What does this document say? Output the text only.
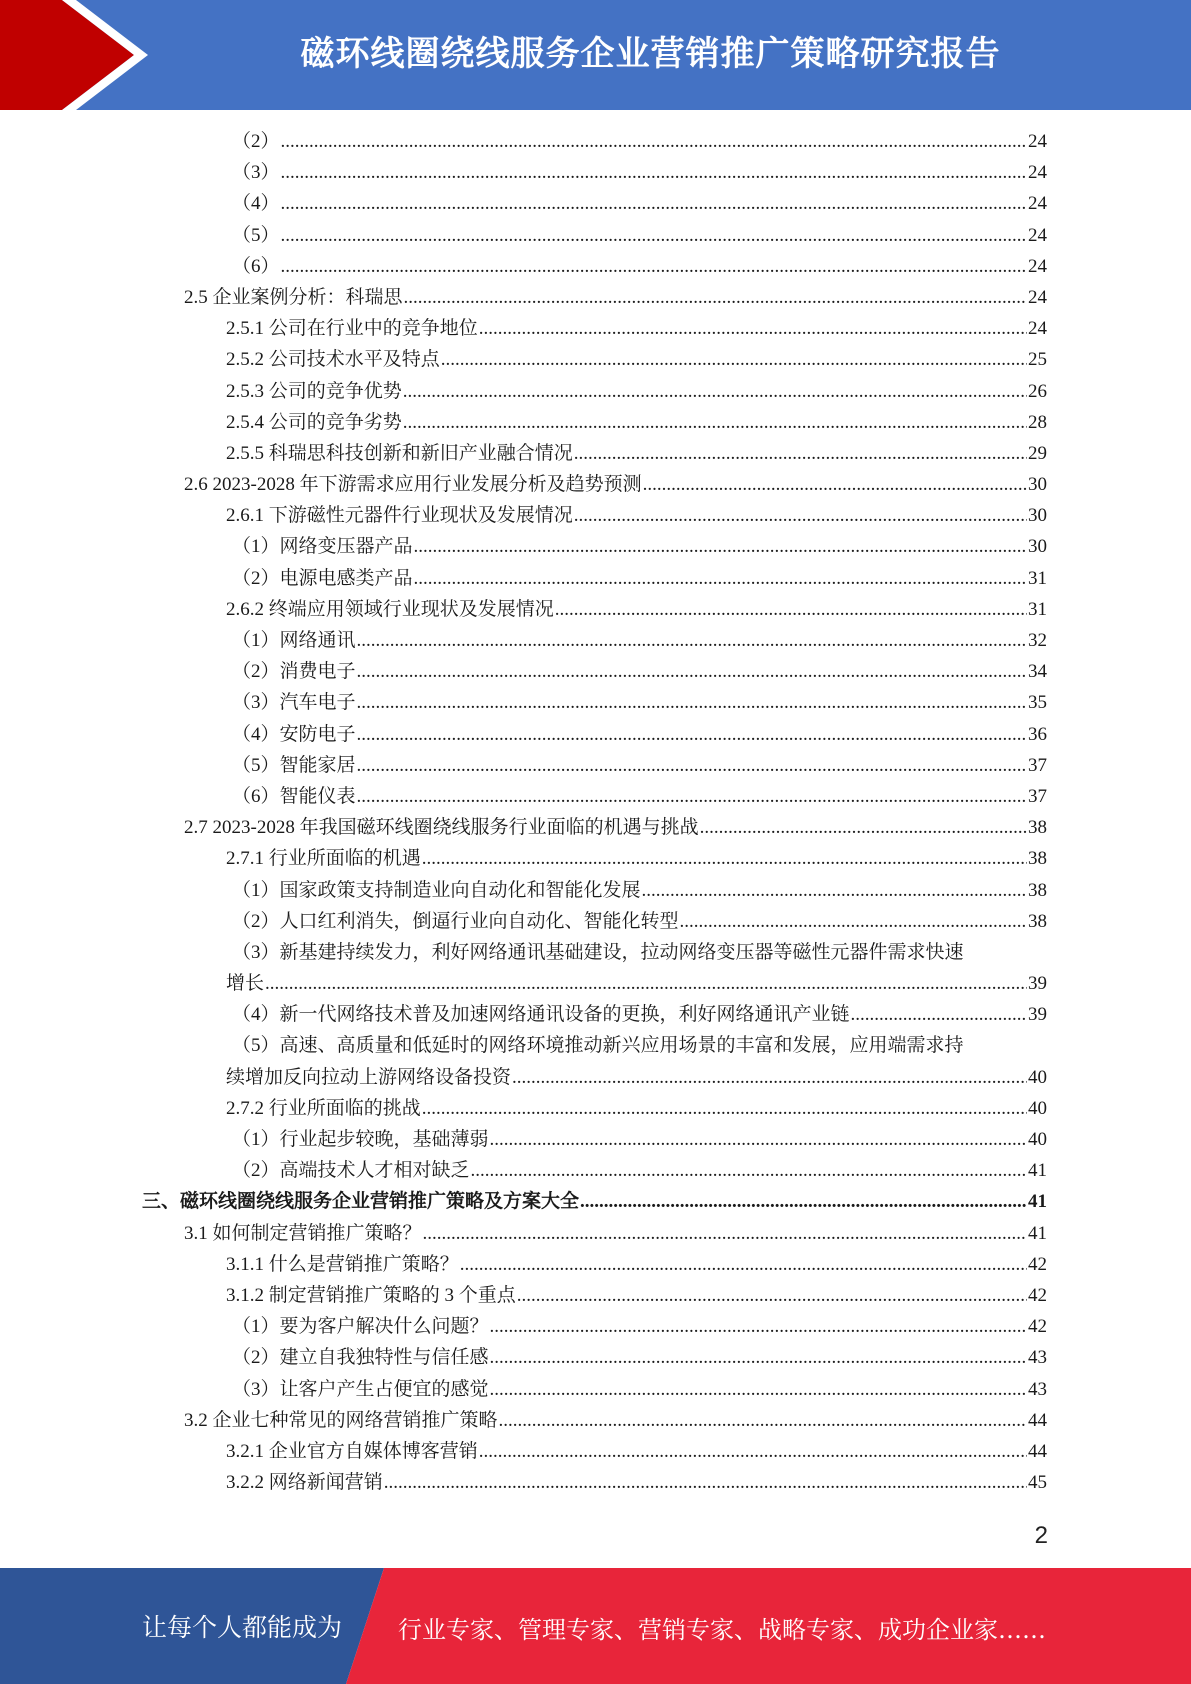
磁环线圈绕线服务企业营销推广策略研究报告
（2） .....	24
（3） .....	24
（4） .....	24
（5） .....	24
（6） .....	24
2.5 企业案例分析：科瑞思 .....	24
2.5.1 公司在行业中的竞争地位 .....	24
2.5.2 公司技术水平及特点 .....	25
2.5.3 公司的竞争优势 .....	26
2.5.4 公司的竞争劣势 .....	28
2.5.5 科瑞思科技创新和新旧产业融合情况 .....	29
2.6 2023-2028 年下游需求应用行业发展分析及趋势预测 .....	30
2.6.1 下游磁性元器件行业现状及发展情况 .....	30
（1）网络变压器产品 .....	30
（2）电源电感类产品 .....	31
2.6.2 终端应用领域行业现状及发展情况 .....	31
（1）网络通讯 .....	32
（2）消费电子 .....	34
（3）汽车电子 .....	35
（4）安防电子 .....	36
（5）智能家居 .....	37
（6）智能仪表 .....	37
2.7 2023-2028 年我国磁环线圈绕线服务行业面临的机遇与挑战 .....	38
2.7.1 行业所面临的机遇 .....	38
（1）国家政策支持制造业向自动化和智能化发展 .....	38
（2）人口红利消失，倒逼行业向自动化、智能化转型 .....	38
（3）新基建持续发力，利好网络通讯基础建设，拉动网络变压器等磁性元器件需求快速
增长 .....	39
（4）新一代网络技术普及加速网络通讯设备的更换，利好网络通讯产业链 .....	39
（5）高速、高质量和低延时的网络环境推动新兴应用场景的丰富和发展，应用端需求持
续增加反向拉动上游网络设备投资 .....	40
2.7.2 行业所面临的挑战 .....	40
（1）行业起步较晚，基础薄弱 .....	40
（2）高端技术人才相对缺乏 .....	41
三、磁环线圈绕线服务企业营销推广策略及方案大全 .....	41
3.1 如何制定营销推广策略？ .....	41
3.1.1 什么是营销推广策略？ .....	42
3.1.2 制定营销推广策略的 3 个重点 .....	42
（1）要为客户解决什么问题？ .....	42
（2）建立自我独特性与信任感 .....	43
（3）让客户产生占便宜的感觉 .....	43
3.2 企业七种常见的网络营销推广策略 .....	44
3.2.1 企业官方自媒体博客营销 .....	44
3.2.2 网络新闻营销 .....	45
2
让每个人都能成为 行业专家、管理专家、营销专家、战略专家、成功企业家……
